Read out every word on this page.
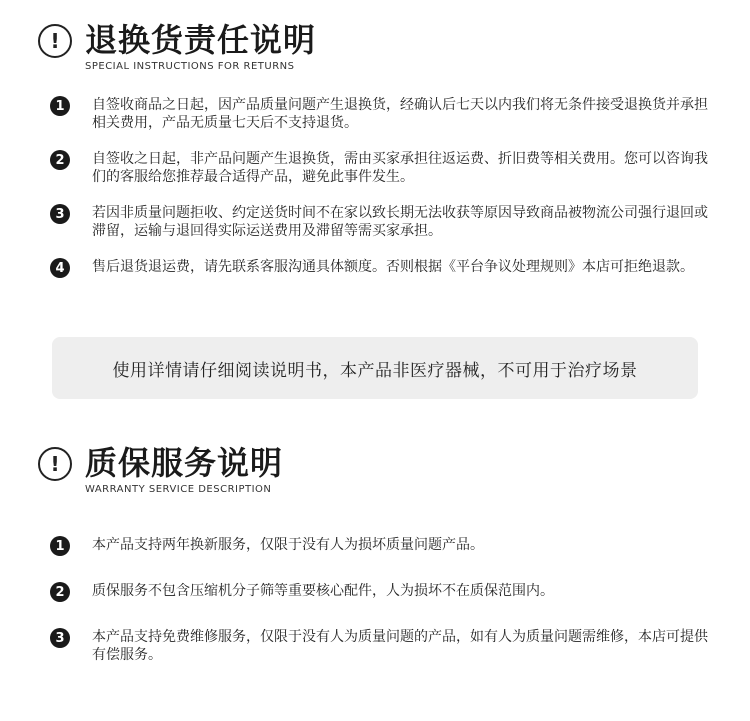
! 退换货责任说明
SPECIAL INSTRUCTIONS FOR RETURNS
1	自签收商品之日起，因产品质量问题产生退换货，经确认后七天以内我们将无条件接受退换货并承担相关费用，产品无质量七天后不支持退货。
2	自签收之日起，非产品问题产生退换货，需由买家承担往返运费、折旧费等相关费用。您可以咨询我们的客服给您推荐最合适得产品，避免此事件发生。
3	若因非质量问题拒收、约定送货时间不在家以致长期无法收获等原因导致商品被物流公司强行退回或滞留，运输与退回得实际运送费用及滞留等需买家承担。
4	售后退货退运费，请先联系客服沟通具体额度。否则根据《平台争议处理规则》本店可拒绝退款。
使用详情请仔细阅读说明书，本产品非医疗器械，不可用于治疗场景
! 质保服务说明
WARRANTY SERVICE DESCRIPTION
1	本产品支持两年换新服务，仅限于没有人为损坏质量问题产品。
2	质保服务不包含压缩机分子筛等重要核心配件，人为损坏不在质保范围内。
3	本产品支持免费维修服务，仅限于没有人为质量问题的产品，如有人为质量问题需维修，本店可提供有偿服务。
